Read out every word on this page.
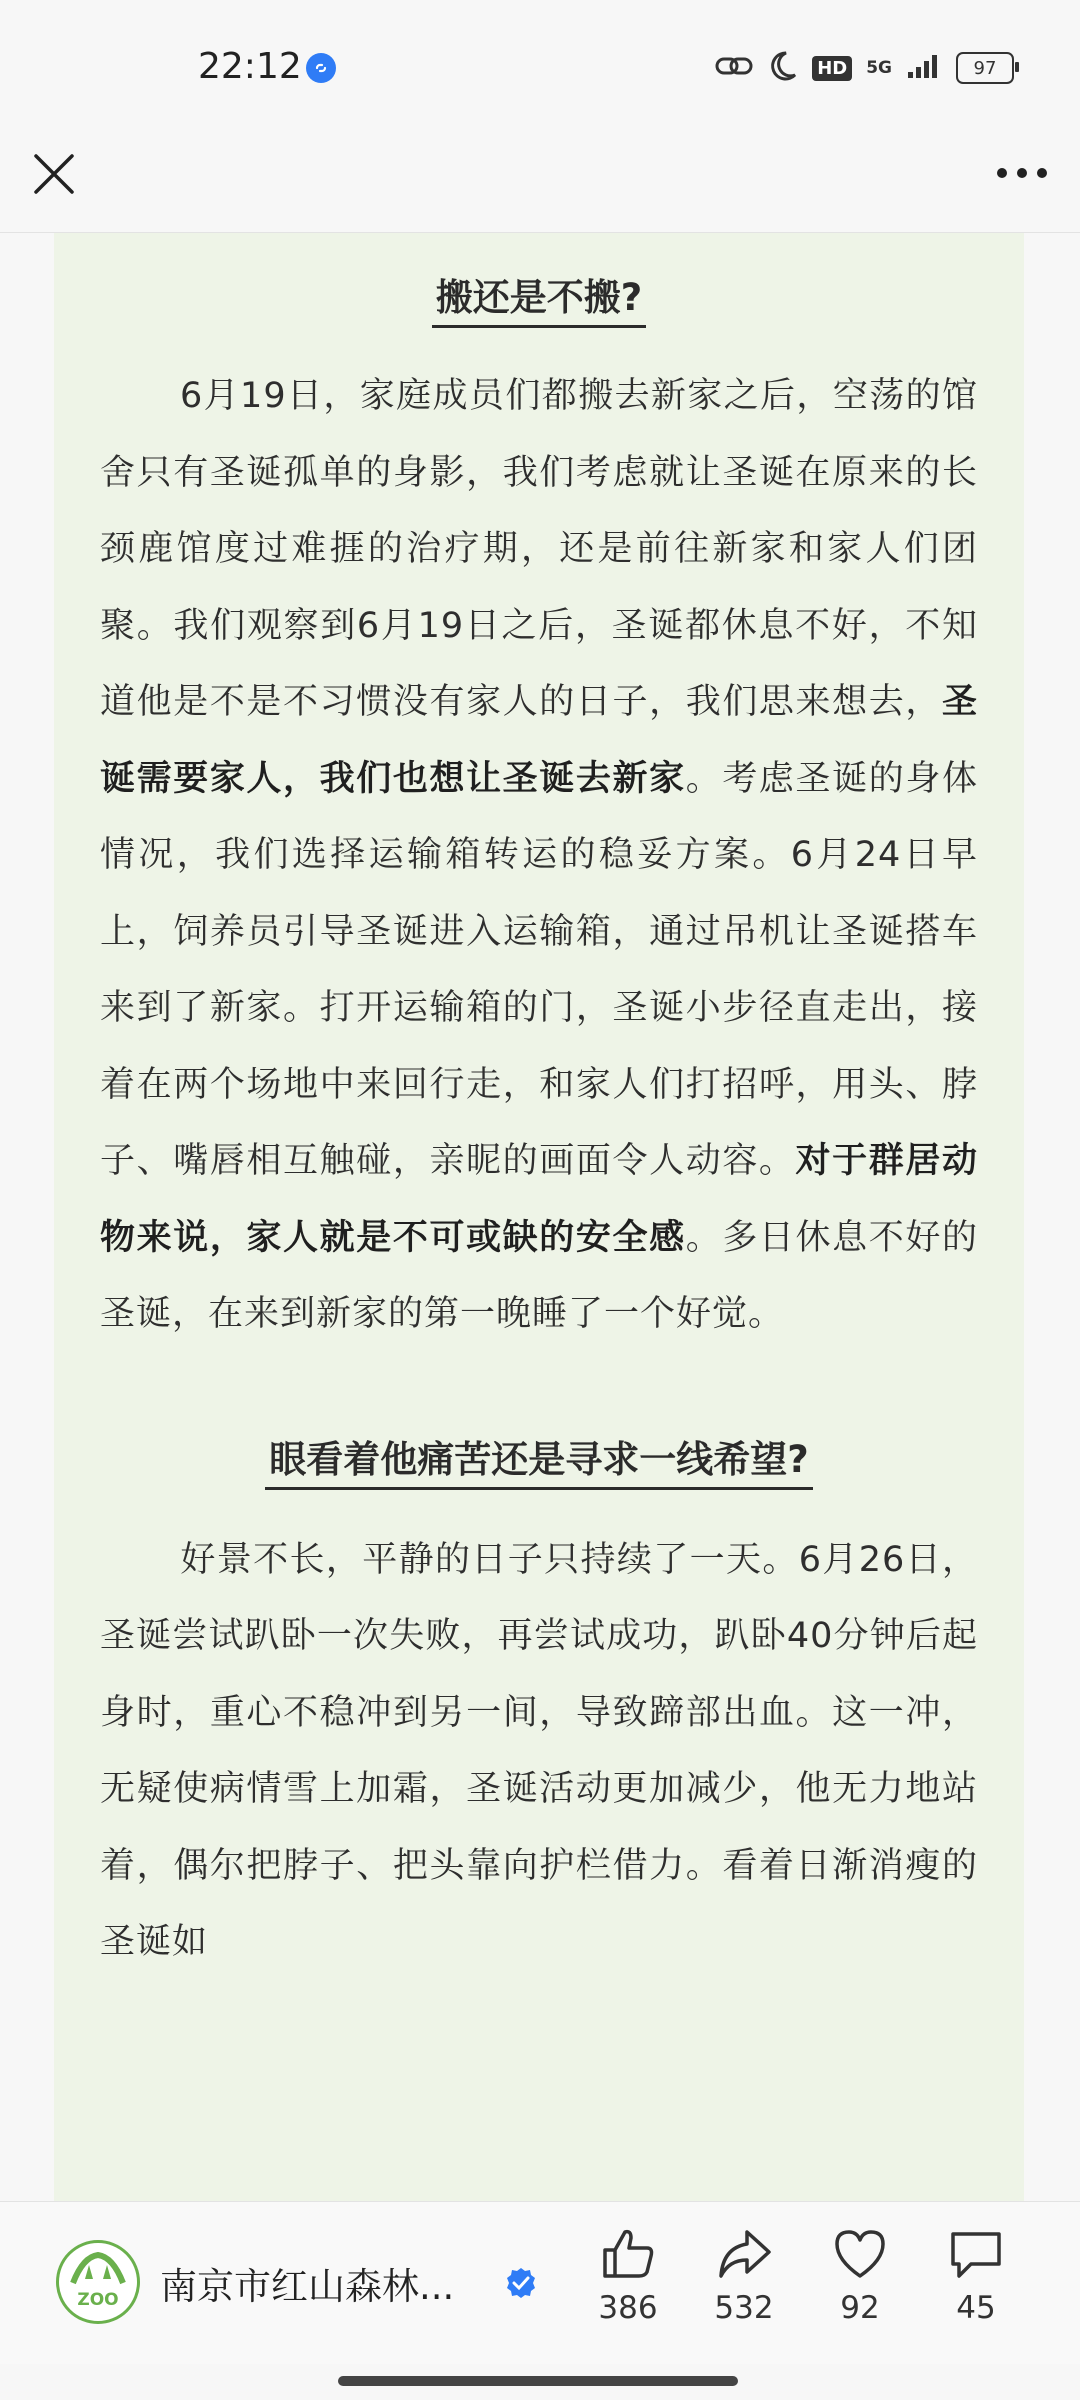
22:12	HD 5G	97
搬还是不搬?

6月19日，家庭成员们都搬去新家之后，空荡的馆舍只有圣诞孤单的身影，我们考虑就让圣诞在原来的长颈鹿馆度过难捱的治疗期，还是前往新家和家人们团聚。我们观察到6月19日之后，圣诞都休息不好，不知道他是不是不习惯没有家人的日子，我们思来想去，圣诞需要家人，我们也想让圣诞去新家。考虑圣诞的身体情况，我们选择运输箱转运的稳妥方案。6月24日早上，饲养员引导圣诞进入运输箱，通过吊机让圣诞搭车来到了新家。打开运输箱的门，圣诞小步径直走出，接着在两个场地中来回行走，和家人们打招呼，用头、脖子、嘴唇相互触碰，亲昵的画面令人动容。对于群居动物来说，家人就是不可或缺的安全感。多日休息不好的圣诞，在来到新家的第一晚睡了一个好觉。

眼看着他痛苦还是寻求一线希望?

好景不长，平静的日子只持续了一天。6月26日，圣诞尝试趴卧一次失败，再尝试成功，趴卧40分钟后起身时，重心不稳冲到另一间，导致蹄部出血。这一冲，无疑使病情雪上加霜，圣诞活动更加减少，他无力地站着，偶尔把脖子、把头靠向护栏借力。看着日渐消瘦的圣诞如

ZOO 南京市红山森林...	386	532	92	45
